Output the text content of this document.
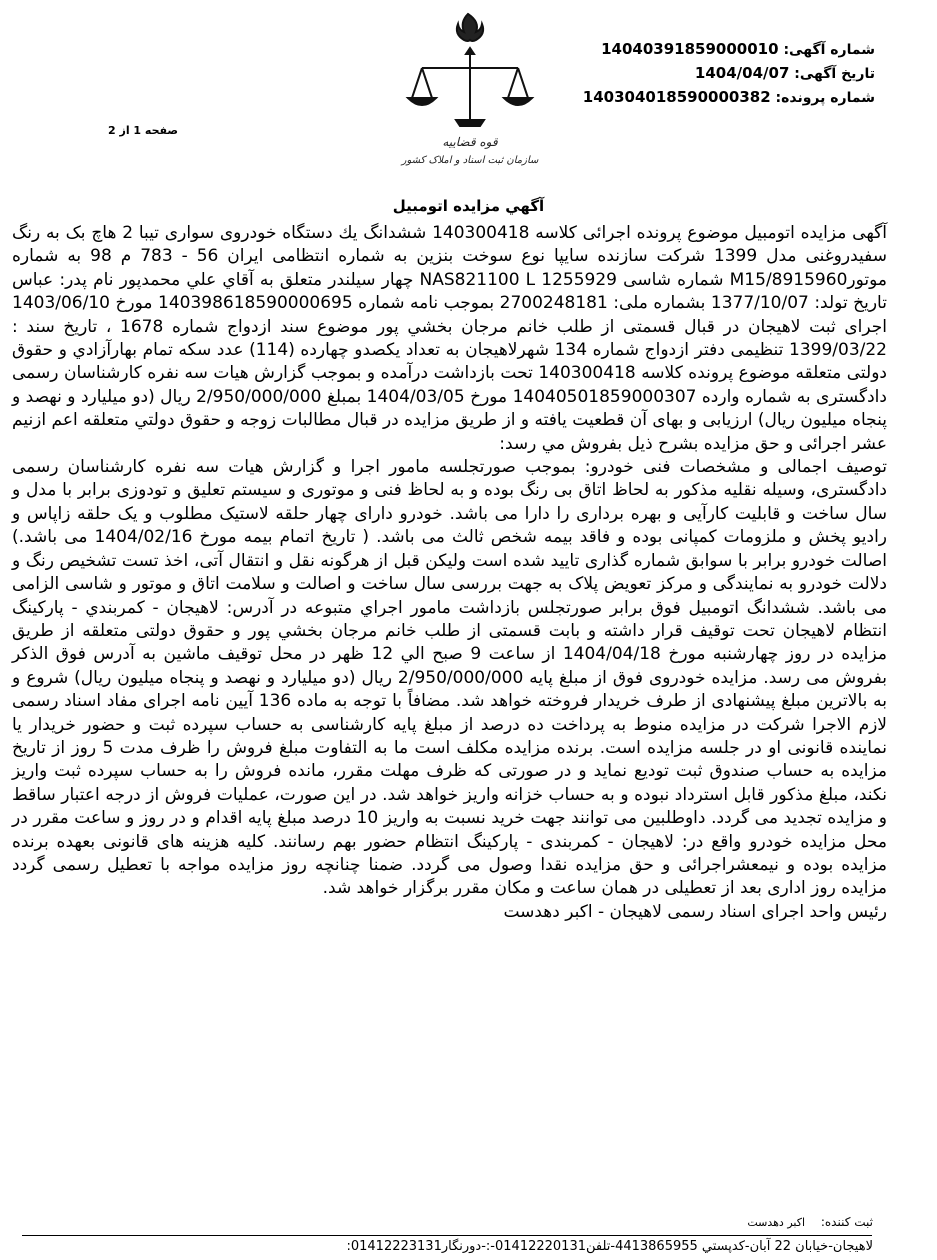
شماره آگهی: 14040391859000010
تاریخ آگهی: 1404/04/07
شماره پرونده: 140304018590000382
صفحه 1 از 2
قوه قضاییه
سازمان ثبت اسناد و املاک کشور
آگهي مزايده اتومبيل

آگهی مزایده اتومبیل موضوع پرونده اجرائی کلاسه 140300418 ششدانگ یك دستگاه خودروی سواری تیبا 2 هاچ بک به رنگ سفیدروغنی مدل 1399 شرکت سازنده سایپا نوع سوخت بنزین به شماره انتظامی ایران 56 - 783 م 98 به شماره موتورM15/8915960 شماره شاسی NAS821100 L 1255929 چهار سیلندر متعلق به آقاي علي محمدپور نام پدر: عباس تاریخ تولد: 1377/10/07 بشماره ملی: 2700248181 بموجب نامه شماره 140398618590000695 مورخ 1403/06/10 اجرای ثبت لاهیجان در قبال قسمتی از طلب خانم مرجان بخشي پور موضوع سند ازدواج شماره 1678 ، تاریخ سند : 1399/03/22 تنظیمی دفتر ازدواج شماره 134 شهرلاهیجان به تعداد یکصدو چهارده (114) عدد سکه تمام بهارآزادي و حقوق دولتی متعلقه موضوع پرونده کلاسه 140300418 تحت بازداشت درآمده و بموجب گزارش هیات سه نفره کارشناسان رسمی دادگستری به شماره وارده 14040501859000307 مورخ 1404/03/05 بمبلغ 2/950/000/000 ریال (دو میلیارد و نهصد و پنجاه میلیون ریال) ارزیابی و بهای آن قطعیت یافته و از طریق مزایده در قبال مطالبات زوجه و حقوق دولتي متعلقه اعم ازنیم عشر اجرائی و حق مزایده بشرح ذیل بفروش مي رسد:

توصیف اجمالی و مشخصات فنی خودرو: بموجب صورتجلسه مامور اجرا و گزارش هیات سه نفره کارشناسان رسمی دادگستری، وسیله نقلیه مذکور به لحاظ اتاق بی رنگ بوده و به لحاظ فنی و موتوری و سیستم تعلیق و تودوزی برابر با مدل و سال ساخت و قابلیت کارآیی و بهره برداری را دارا می باشد. خودرو دارای چهار حلقه لاستیک مطلوب و یک حلقه زاپاس و رادیو پخش و ملزومات کمپانی بوده و فاقد بیمه شخص ثالث می باشد. ( تاریخ اتمام بیمه مورخ 1404/02/16 می باشد.) اصالت خودرو برابر با سوابق شماره گذاری تایید شده است ولیکن قبل از هرگونه نقل و انتقال آتی، اخذ تست تشخیص رنگ و دلالت خودرو به نمایندگی و مرکز تعویض پلاک به جهت بررسی سال ساخت و اصالت و سلامت اتاق و موتور و شاسی الزامی می باشد. ششدانگ اتومبیل فوق برابر صورتجلس بازداشت مامور اجراي متبوعه در آدرس: لاهیجان - کمربندي - پارکینگ انتظام لاهیجان تحت توقیف قرار داشته و بابت قسمتی از طلب خانم مرجان بخشي پور و حقوق دولتی متعلقه از طریق مزایده در روز چهارشنبه مورخ 1404/04/18 از ساعت 9 صبح الي 12 ظهر در محل توقیف ماشین به آدرس فوق الذکر بفروش می رسد. مزایده خودروی فوق از مبلغ پایه 2/950/000/000 ریال (دو میلیارد و نهصد و پنجاه میلیون ریال) شروع و به بالاترین مبلغ پیشنهادی از طرف خریدار فروخته خواهد شد. مضافاً با توجه به ماده 136 آیین نامه اجرای مفاد اسناد رسمی لازم الاجرا شرکت در مزایده منوط به پرداخت ده درصد از مبلغ پایه کارشناسی به حساب سپرده ثبت و حضور خریدار یا نماینده قانونی او در جلسه مزایده است. برنده مزایده مکلف است ما به التفاوت مبلغ فروش را ظرف مدت 5 روز از تاریخ مزایده به حساب صندوق ثبت تودیع نماید و در صورتی که ظرف مهلت مقرر، مانده فروش را به حساب سپرده ثبت واریز نکند، مبلغ مذکور قابل استرداد نبوده و به حساب خزانه واریز خواهد شد. در این صورت، عملیات فروش از درجه اعتبار ساقط و مزایده تجدید می گردد. داوطلبین می توانند جهت خرید نسبت به واریز 10 درصد مبلغ پایه اقدام و در روز و ساعت مقرر در محل مزایده خودرو واقع در: لاهیجان - کمربندی - پارکینگ انتظام حضور بهم رسانند. کلیه هزینه های قانونی بعهده برنده مزایده بوده و نیمعشراجرائی و حق مزایده نقدا وصول می گردد. ضمنا چنانچه روز مزایده مواجه با تعطیل رسمی گردد مزایده روز اداری بعد از تعطیلی در همان ساعت و مکان مقرر برگزار خواهد شد.

رئیس واحد اجرای اسناد رسمی لاهیجان - اکبر دهدست

ثبت کننده: اکبر دهدست
لاهیجان-خیابان 22 آبان-کدپستي 4413865955-تلفن01412220131-:-دورنگار01412223131:
